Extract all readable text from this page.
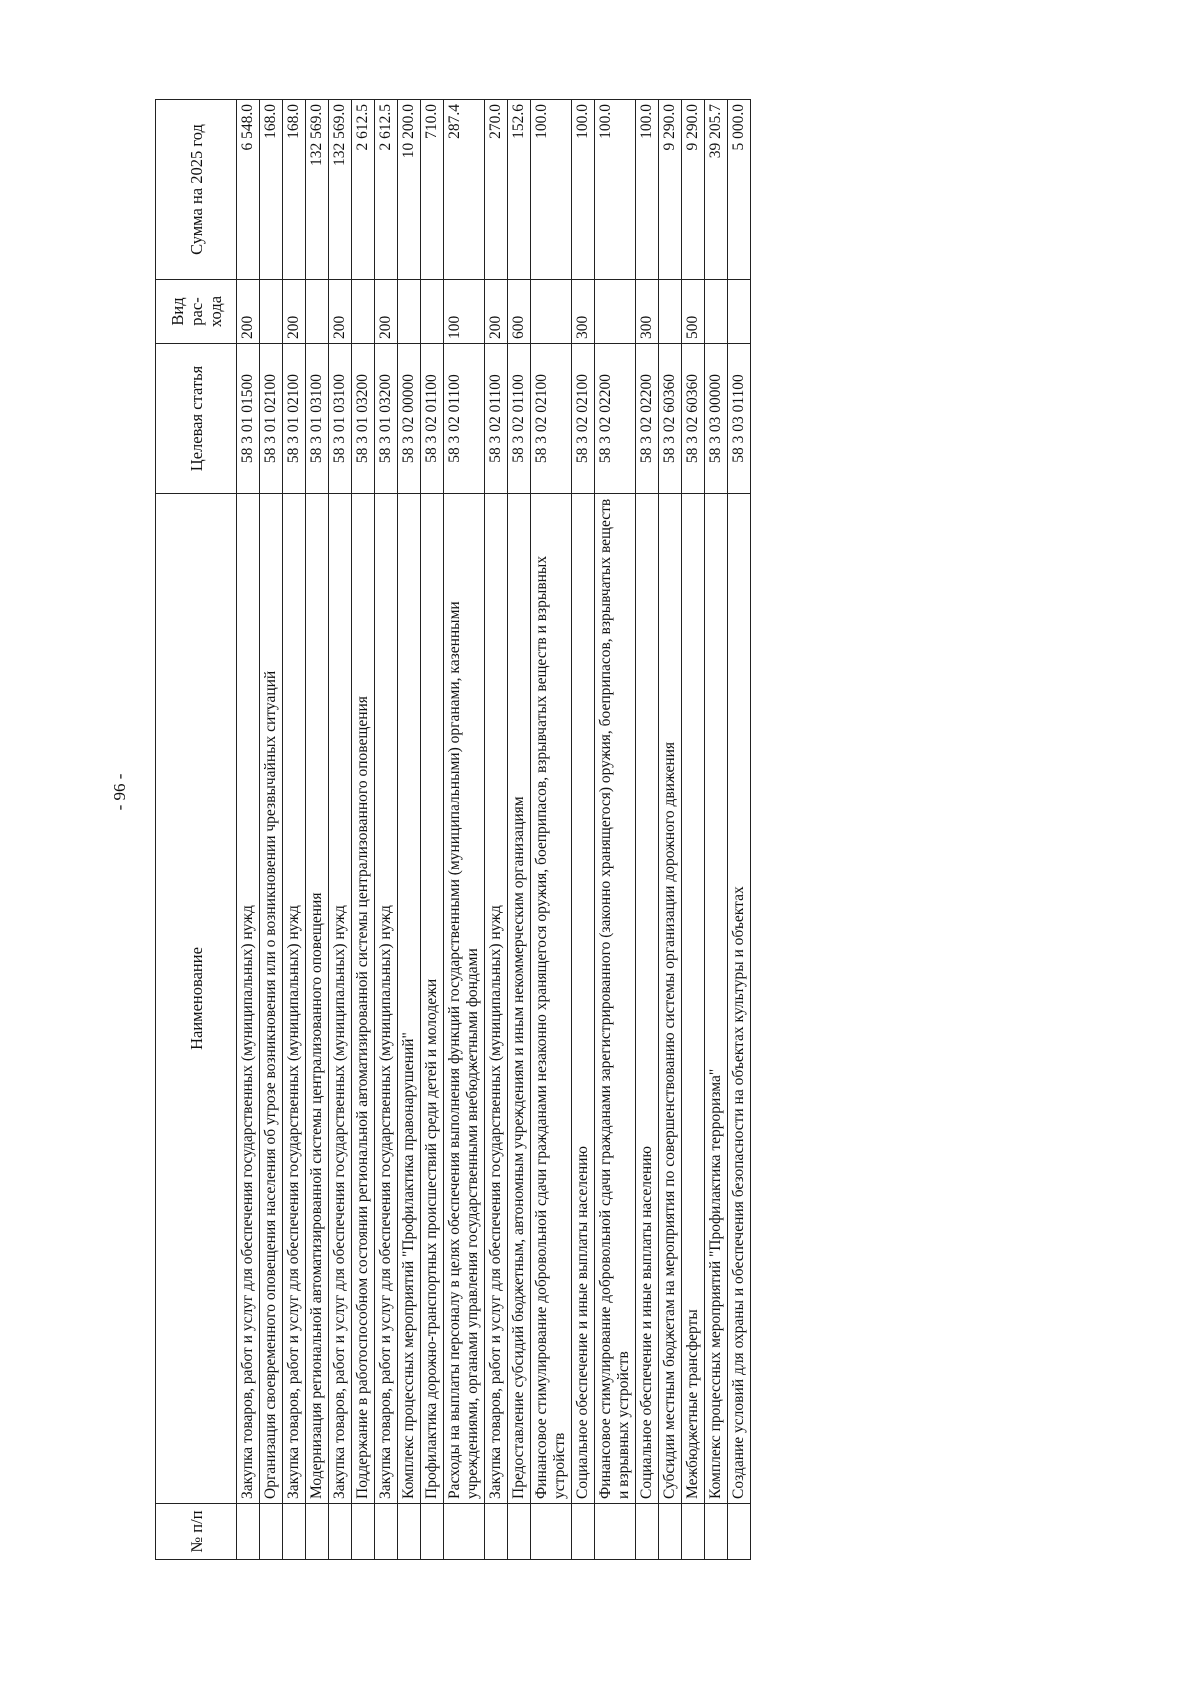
- 96 -
№ п/п	Наименование	Целевая статья	Вид рас-хода	Сумма на 2025 год
	Закупка товаров, работ и услуг для обеспечения государственных (муниципальных) нужд	58 3 01 01500	200	6 548.0
	Организация своевременного оповещения населения об угрозе возникновения или о возникновении чрезвычайных ситуаций	58 3 01 02100		168.0
	Закупка товаров, работ и услуг для обеспечения государственных (муниципальных) нужд	58 3 01 02100	200	168.0
	Модернизация региональной автоматизированной системы централизованного оповещения	58 3 01 03100		132 569.0
	Закупка товаров, работ и услуг для обеспечения государственных (муниципальных) нужд	58 3 01 03100	200	132 569.0
	Поддержание в работоспособном состоянии региональной автоматизированной системы централизованного оповещения	58 3 01 03200		2 612.5
	Закупка товаров, работ и услуг для обеспечения государственных (муниципальных) нужд	58 3 01 03200	200	2 612.5
	Комплекс процессных мероприятий "Профилактика правонарушений"	58 3 02 00000		10 200.0
	Профилактика дорожно-транспортных происшествий среди детей и молодежи	58 3 02 01100		710.0
	Расходы на выплаты персоналу в целях обеспечения выполнения функций государственными (муниципальными) органами, казенными учреждениями, органами управления государственными внебюджетными фондами	58 3 02 01100	100	287.4
	Закупка товаров, работ и услуг для обеспечения государственных (муниципальных) нужд	58 3 02 01100	200	270.0
	Предоставление субсидий бюджетным, автономным учреждениям и иным некоммерческим организациям	58 3 02 01100	600	152.6
	Финансовое стимулирование добровольной сдачи гражданами незаконно хранящегося оружия, боеприпасов, взрывчатых веществ и взрывных устройств	58 3 02 02100		100.0
	Социальное обеспечение и иные выплаты населению	58 3 02 02100	300	100.0
	Финансовое стимулирование добровольной сдачи гражданами зарегистрированного (законно хранящегося) оружия, боеприпасов, взрывчатых веществ и взрывных устройств	58 3 02 02200		100.0
	Социальное обеспечение и иные выплаты населению	58 3 02 02200	300	100.0
	Субсидии местным бюджетам на мероприятия по совершенствованию системы организации дорожного движения	58 3 02 60360		9 290.0
	Межбюджетные трансферты	58 3 02 60360	500	9 290.0
	Комплекс процессных мероприятий "Профилактика терроризма"	58 3 03 00000		39 205.7
	Создание условий для охраны и обеспечения безопасности на объектах культуры и объектах	58 3 03 01100		5 000.0
